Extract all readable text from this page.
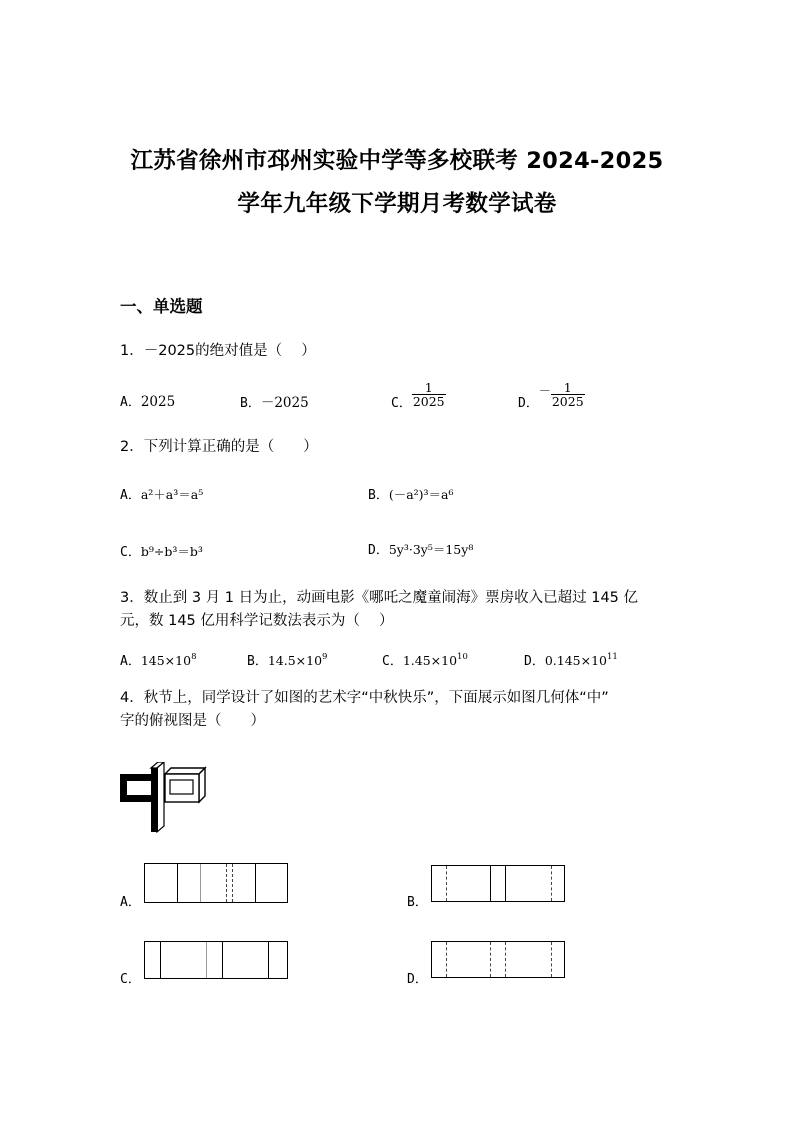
江苏省徐州市邳州实验中学等多校联考 2024-2025
学年九年级下学期月考数学试卷
一、单选题
1．－2025的绝对值是（　 ）
A．2025	B．－2025	C． $\frac{1}{2025}$	D．－ $\frac{1}{2025}$
2．下列计算正确的是（　　）
A．a²＋a³＝a⁵	B．(－a²)³＝a⁶
C．b⁹÷b³＝b³	D．5y³·3y⁵＝15y⁸
3．数止到 3 月 1 日为止，动画电影《哪吒之魔童闹海》票房收入已超过 145 亿
元，数 145 亿用科学记数法表示为（　 ）
A．$145\times 10^8$	B．$14.5\times 10^9$	C．$1.45\times 10^{10}$	D．$0.145\times 10^{11}$
4．秋节上，同学设计了如图的艺术字“中秋快乐”，下面展示如图几何体“中”
字的俯视图是（　　）
A．	B．
C．	D．
